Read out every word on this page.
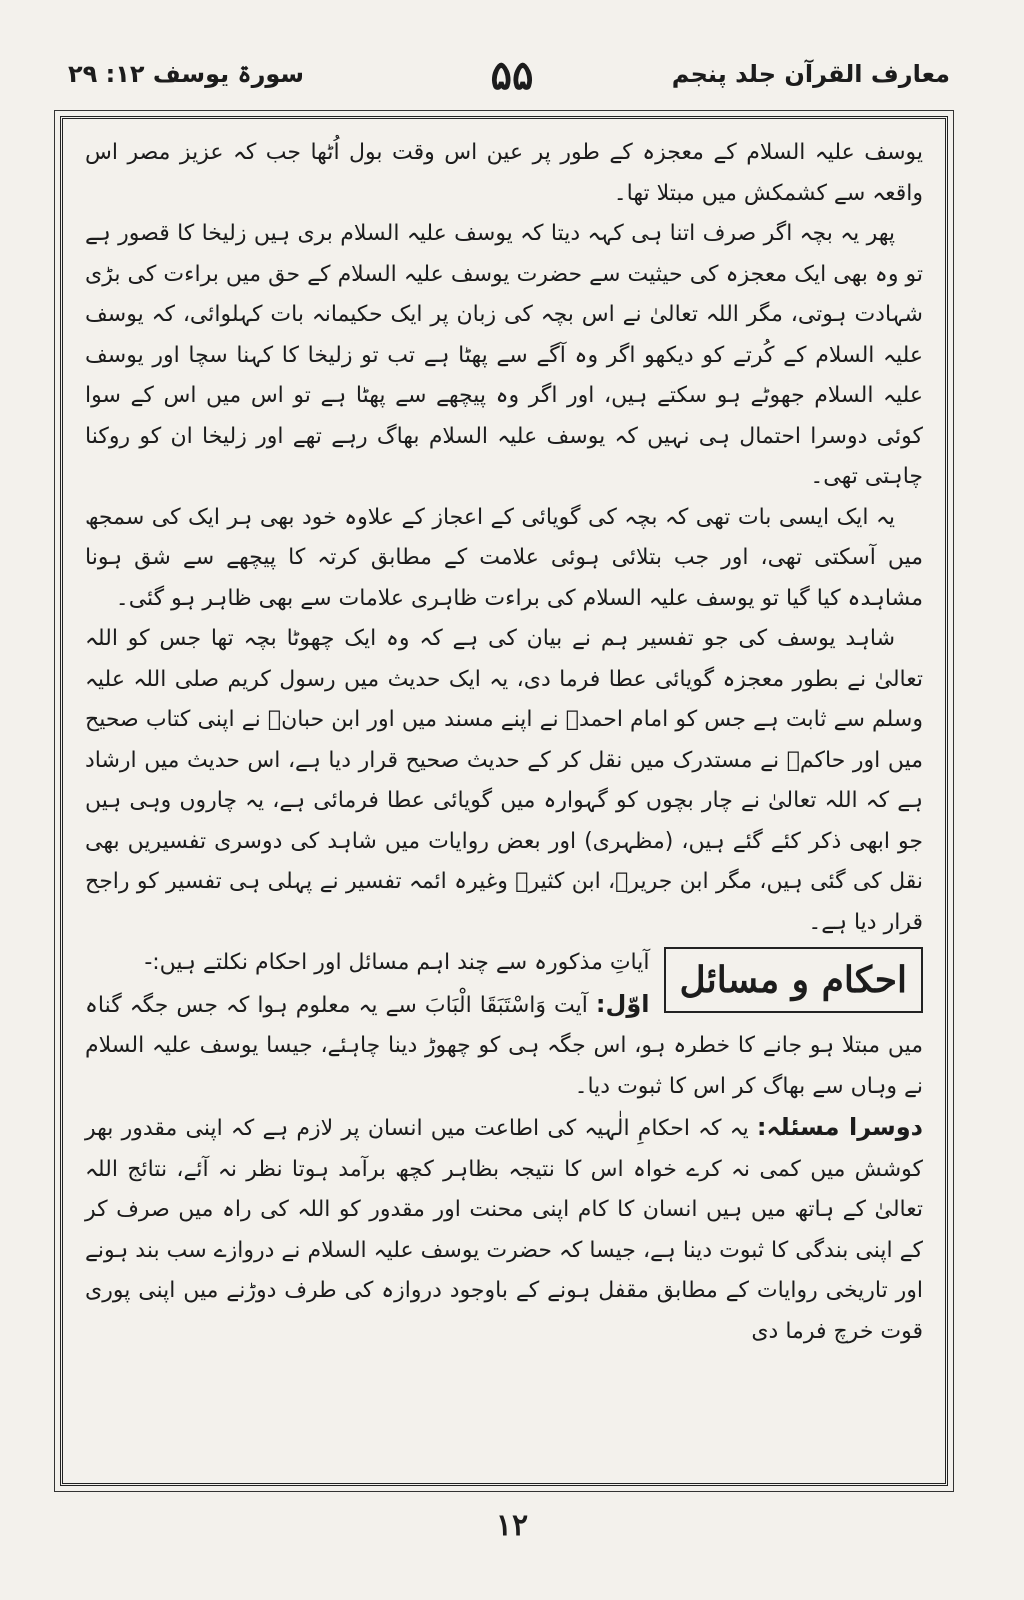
معارف القرآن جلد پنجم
۵۵
سورۃ یوسف ۱۲: ۲۹

یوسف علیہ السلام کے معجزہ کے طور پر عین اس وقت بول اُٹھا جب کہ عزیز مصر اس واقعہ سے کشمکش میں مبتلا تھا۔

پھر یہ بچہ اگر صرف اتنا ہی کہہ دیتا کہ یوسف علیہ السلام بری ہیں زلیخا کا قصور ہے تو وہ بھی ایک معجزہ کی حیثیت سے حضرت یوسف علیہ السلام کے حق میں براءت کی بڑی شہادت ہوتی، مگر اللہ تعالیٰ نے اس بچہ کی زبان پر ایک حکیمانہ بات کہلوائی، کہ یوسف علیہ السلام کے کُرتے کو دیکھو اگر وہ آگے سے پھٹا ہے تب تو زلیخا کا کہنا سچا اور یوسف علیہ السلام جھوٹے ہو سکتے ہیں، اور اگر وہ پیچھے سے پھٹا ہے تو اس میں اس کے سوا کوئی دوسرا احتمال ہی نہیں کہ یوسف علیہ السلام بھاگ رہے تھے اور زلیخا ان کو روکنا چاہتی تھی۔

یہ ایک ایسی بات تھی کہ بچہ کی گویائی کے اعجاز کے علاوہ خود بھی ہر ایک کی سمجھ میں آسکتی تھی، اور جب بتلائی ہوئی علامت کے مطابق کرتہ کا پیچھے سے شق ہونا مشاہدہ کیا گیا تو یوسف علیہ السلام کی براءت ظاہری علامات سے بھی ظاہر ہو گئی۔

شاہد یوسف کی جو تفسیر ہم نے بیان کی ہے کہ وہ ایک چھوٹا بچہ تھا جس کو اللہ تعالیٰ نے بطور معجزہ گویائی عطا فرما دی، یہ ایک حدیث میں رسول کریم صلی اللہ علیہ وسلم سے ثابت ہے جس کو امام احمدؒ نے اپنے مسند میں اور ابن حبانؒ نے اپنی کتاب صحیح میں اور حاکمؒ نے مستدرک میں نقل کر کے حدیث صحیح قرار دیا ہے، اس حدیث میں ارشاد ہے کہ اللہ تعالیٰ نے چار بچوں کو گہوارہ میں گویائی عطا فرمائی ہے، یہ چاروں وہی ہیں جو ابھی ذکر کئے گئے ہیں، (مظہری) اور بعض روایات میں شاہد کی دوسری تفسیریں بھی نقل کی گئی ہیں، مگر ابن جریرؒ، ابن کثیرؒ وغیرہ ائمہ تفسیر نے پہلی ہی تفسیر کو راجح قرار دیا ہے۔

احکام و مسائل

آیاتِ مذکورہ سے چند اہم مسائل اور احکام نکلتے ہیں:-

اوّل: آیت وَاسْتَبَقَا الْبَابَ سے یہ معلوم ہوا کہ جس جگہ گناہ میں مبتلا ہو جانے کا خطرہ ہو، اس جگہ ہی کو چھوڑ دینا چاہئے، جیسا یوسف علیہ السلام نے وہاں سے بھاگ کر اس کا ثبوت دیا۔

دوسرا مسئلہ: یہ کہ احکامِ الٰہیہ کی اطاعت میں انسان پر لازم ہے کہ اپنی مقدور بھر کوشش میں کمی نہ کرے خواہ اس کا نتیجہ بظاہر کچھ برآمد ہوتا نظر نہ آئے، نتائج اللہ تعالیٰ کے ہاتھ میں ہیں انسان کا کام اپنی محنت اور مقدور کو اللہ کی راہ میں صرف کر کے اپنی بندگی کا ثبوت دینا ہے، جیسا کہ حضرت یوسف علیہ السلام نے دروازے سب بند ہونے اور تاریخی روایات کے مطابق مقفل ہونے کے باوجود دروازہ کی طرف دوڑنے میں اپنی پوری قوت خرچ فرما دی

۱۲
